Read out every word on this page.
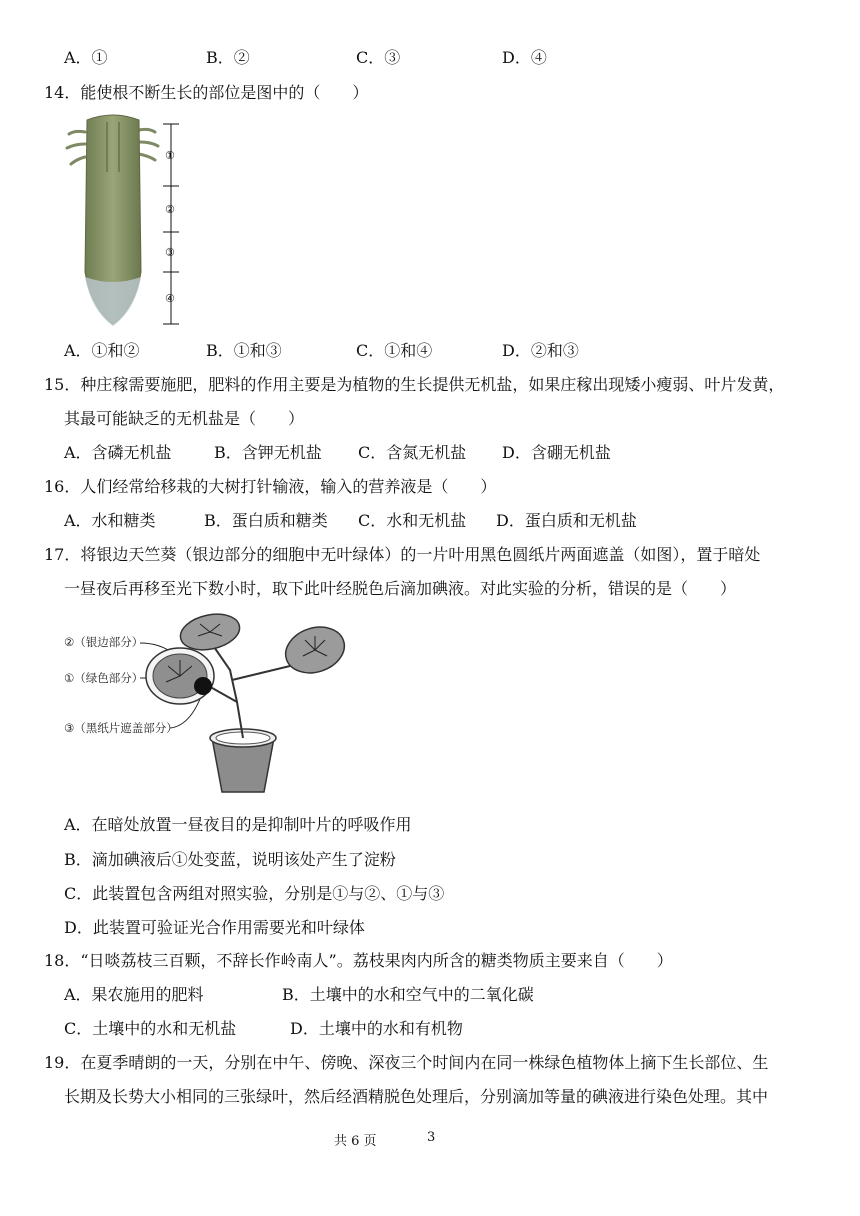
A．①	B．②	C．③	D．④
14．能使根不断生长的部位是图中的（　　）
①
②
③
④
A．①和②	B．①和③	C．①和④	D．②和③
15．种庄稼需要施肥，肥料的作用主要是为植物的生长提供无机盐，如果庄稼出现矮小瘦弱、叶片发黄，
其最可能缺乏的无机盐是（　　）
A．含磷无机盐	B．含钾无机盐 C．含氮无机盐 D．含硼无机盐
16．人们经常给移栽的大树打针输液，输入的营养液是（　　）
A．水和糖类	B．蛋白质和糖类 C．水和无机盐 D．蛋白质和无机盐
17．将银边天竺葵（银边部分的细胞中无叶绿体）的一片叶用黑色圆纸片两面遮盖（如图），置于暗处
一昼夜后再移至光下数小时，取下此叶经脱色后滴加碘液。对此实验的分析，错误的是（　　）
②（银边部分）
①（绿色部分）
③（黑纸片遮盖部分）
A．在暗处放置一昼夜目的是抑制叶片的呼吸作用
B．滴加碘液后①处变蓝，说明该处产生了淀粉
C．此装置包含两组对照实验，分别是①与②、①与③
D．此装置可验证光合作用需要光和叶绿体
18．“日啖荔枝三百颗，不辞长作岭南人”。荔枝果肉内所含的糖类物质主要来自（　　）
A．果农施用的肥料	B．土壤中的水和空气中的二氧化碳
C．土壤中的水和无机盐	D．土壤中的水和有机物
19．在夏季晴朗的一天，分别在中午、傍晚、深夜三个时间内在同一株绿色植物体上摘下生长部位、生
长期及长势大小相同的三张绿叶，然后经酒精脱色处理后，分别滴加等量的碘液进行染色处理。其中
共 6 页	3
